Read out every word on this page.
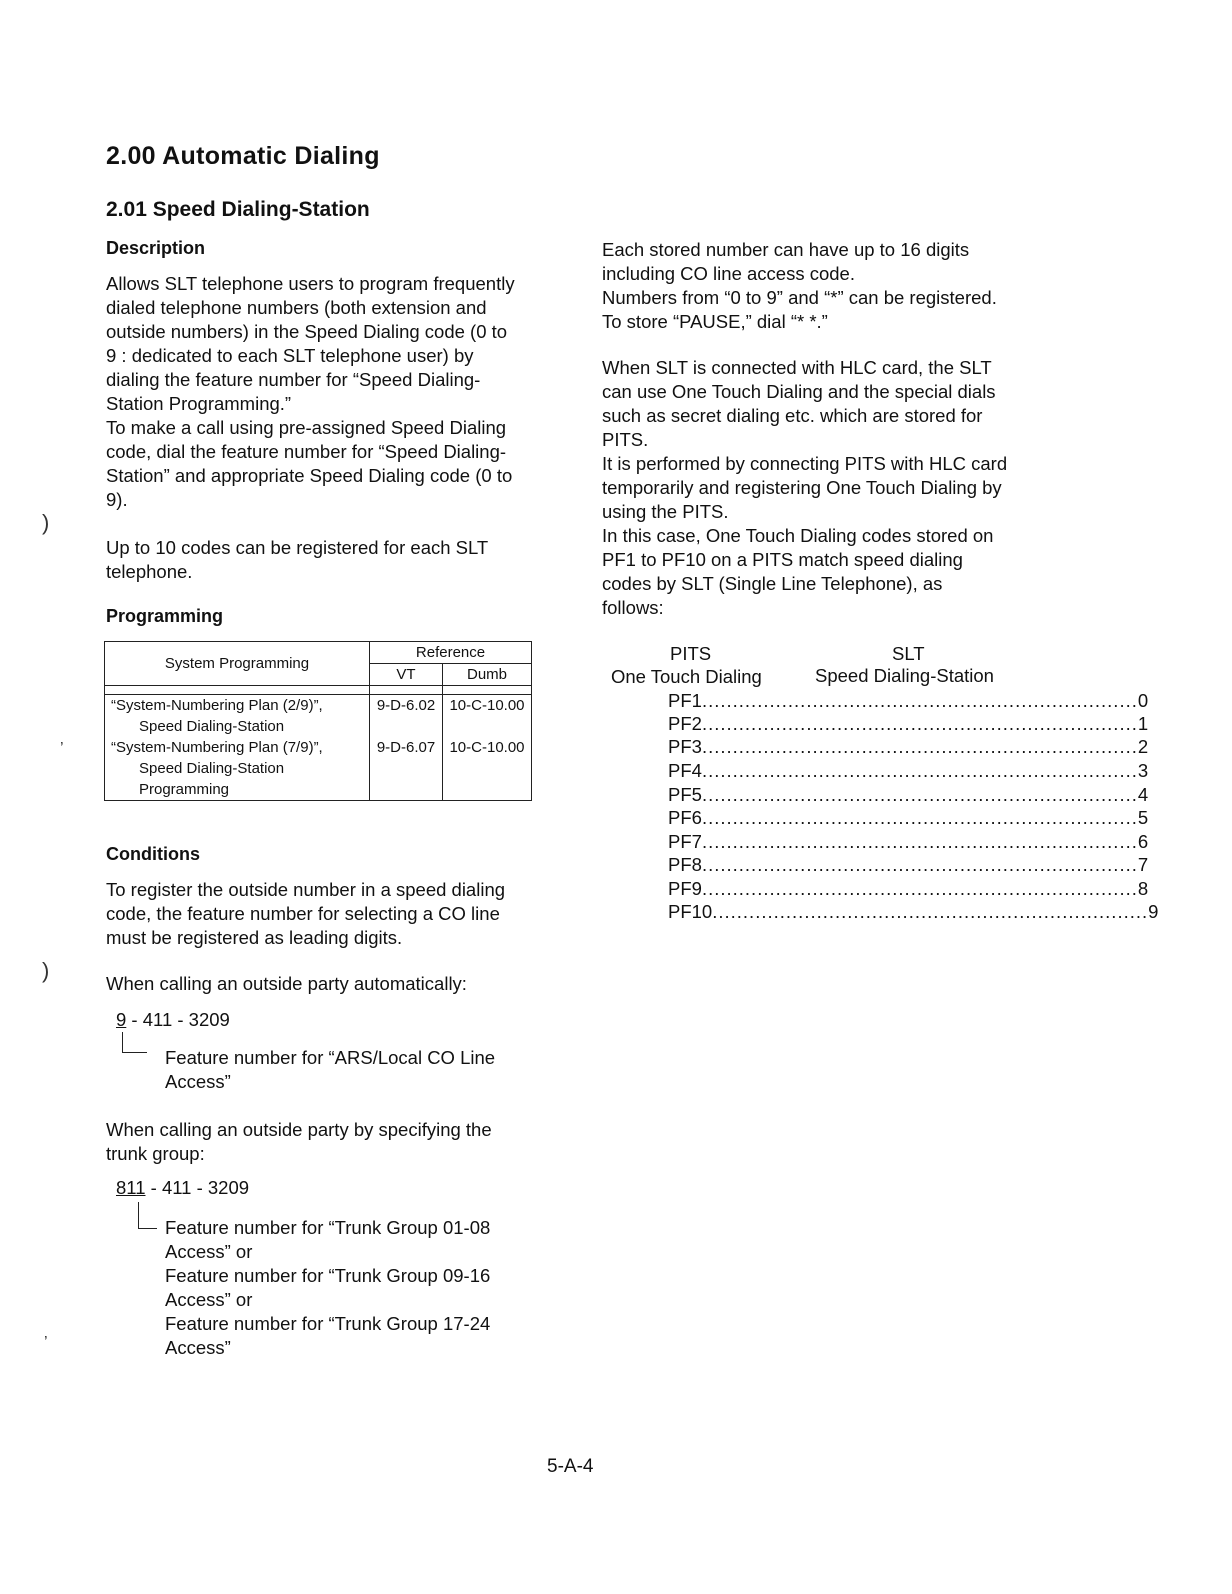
2.00 Automatic Dialing
2.01 Speed Dialing-Station
Description
Allows SLT telephone users to program frequently
dialed telephone numbers (both extension and
outside numbers) in the Speed Dialing code (0 to
9 : dedicated to each SLT telephone user) by
dialing the feature number for “Speed Dialing-
Station Programming.”
To make a call using pre-assigned Speed Dialing
code, dial the feature number for “Speed Dialing-
Station” and appropriate Speed Dialing code (0 to
9).
Up to 10 codes can be registered for each SLT
telephone.
Programming
System Programming	Reference	
	VT	Dumb

“System-Numbering Plan (2/9)”,
Speed Dialing-Station	9-D-6.02	10-C-10.00

“System-Numbering Plan (7/9)”,
Speed Dialing-Station
Programming	9-D-6.07	10-C-10.00
Conditions
To register the outside number in a speed dialing
code, the feature number for selecting a CO line
must be registered as leading digits.
When calling an outside party automatically:
9 - 411 - 3209
Feature number for “ARS/Local CO Line
Access”
When calling an outside party by specifying the
trunk group:
811 - 411 - 3209
Feature number for “Trunk Group 01-08
Access” or
Feature number for “Trunk Group 09-16
Access” or
Feature number for “Trunk Group 17-24
Access”
Each stored number can have up to 16 digits
including CO line access code.
Numbers from “0 to 9” and “*” can be registered.
To store “PAUSE,” dial “* *.”
When SLT is connected with HLC card, the SLT
can use One Touch Dialing and the special dials
such as secret dialing etc. which are stored for
PITS.
It is performed by connecting PITS with HLC card
temporarily and registering One Touch Dialing by
using the PITS.
In this case, One Touch Dialing codes stored on
PF1 to PF10 on a PITS match speed dialing
codes by SLT (Single Line Telephone), as
follows:
PITS	SLT
One Touch Dialing	Speed Dialing-Station
PF1 ....................................................................... 0
PF2 ....................................................................... 1
PF3 ....................................................................... 2
PF4 ....................................................................... 3
PF5 ....................................................................... 4
PF6 ....................................................................... 5
PF7 ....................................................................... 6
PF8 ....................................................................... 7
PF9 ....................................................................... 8
PF10 ....................................................................... 9
)
’
)
’
5-A-4
